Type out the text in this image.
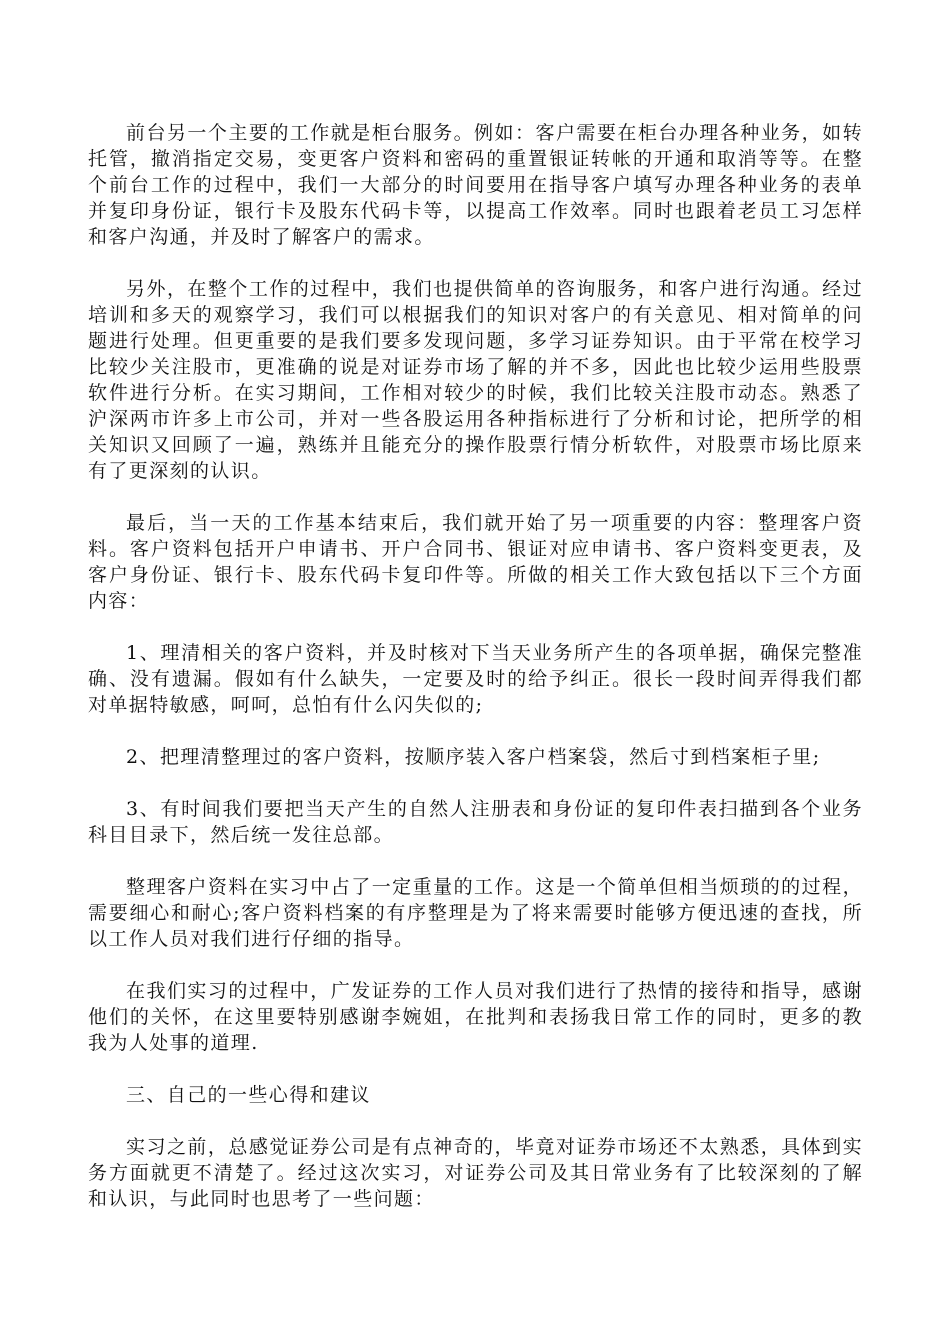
前台另一个主要的工作就是柜台服务。例如：客户需要在柜台办理各种业务，如转托管，撤消指定交易，变更客户资料和密码的重置银证转帐的开通和取消等等。在整个前台工作的过程中，我们一大部分的时间要用在指导客户填写办理各种业务的表单并复印身份证，银行卡及股东代码卡等，以提高工作效率。同时也跟着老员工习怎样和客户沟通，并及时了解客户的需求。

另外，在整个工作的过程中，我们也提供简单的咨询服务，和客户进行沟通。经过培训和多天的观察学习，我们可以根据我们的知识对客户的有关意见、相对简单的问题进行处理。但更重要的是我们要多发现问题，多学习证券知识。由于平常在校学习比较少关注股市，更准确的说是对证券市场了解的并不多，因此也比较少运用些股票软件进行分析。在实习期间，工作相对较少的时候，我们比较关注股市动态。熟悉了沪深两市许多上市公司，并对一些各股运用各种指标进行了分析和讨论，把所学的相关知识又回顾了一遍，熟练并且能充分的操作股票行情分析软件，对股票市场比原来有了更深刻的认识。

最后，当一天的工作基本结束后，我们就开始了另一项重要的内容：整理客户资料。客户资料包括开户申请书、开户合同书、银证对应申请书、客户资料变更表，及客户身份证、银行卡、股东代码卡复印件等。所做的相关工作大致包括以下三个方面内容：

1、理清相关的客户资料，并及时核对下当天业务所产生的各项单据，确保完整准确、没有遗漏。假如有什么缺失，一定要及时的给予纠正。很长一段时间弄得我们都对单据特敏感，呵呵，总怕有什么闪失似的;

2、把理清整理过的客户资料，按顺序装入客户档案袋，然后寸到档案柜子里;

3、有时间我们要把当天产生的自然人注册表和身份证的复印件表扫描到各个业务科目目录下，然后统一发往总部。

整理客户资料在实习中占了一定重量的工作。这是一个简单但相当烦琐的的过程，需要细心和耐心;客户资料档案的有序整理是为了将来需要时能够方便迅速的查找，所以工作人员对我们进行仔细的指导。

在我们实习的过程中，广发证券的工作人员对我们进行了热情的接待和指导，感谢他们的关怀，在这里要特别感谢李婉姐，在批判和表扬我日常工作的同时，更多的教我为人处事的道理.

三、自己的一些心得和建议

实习之前，总感觉证券公司是有点神奇的，毕竟对证券市场还不太熟悉，具体到实务方面就更不清楚了。经过这次实习，对证券公司及其日常业务有了比较深刻的了解和认识，与此同时也思考了一些问题：
